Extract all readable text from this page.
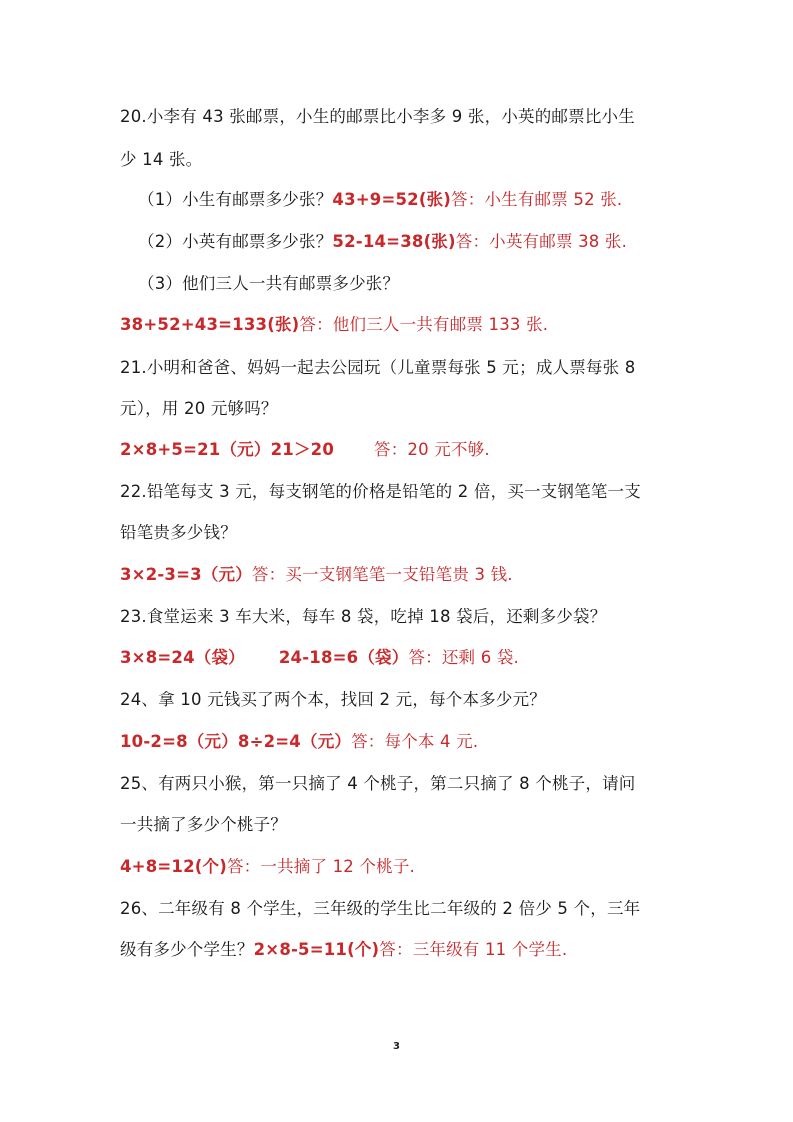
20.小李有 43 张邮票，小生的邮票比小李多 9 张，小英的邮票比小生
少 14 张。
（1）小生有邮票多少张？43+9=52(张)答：小生有邮票 52 张.
（2）小英有邮票多少张？52-14=38(张)答：小英有邮票 38 张.
（3）他们三人一共有邮票多少张？
38+52+43=133(张)答：他们三人一共有邮票 133 张.
21.小明和爸爸、妈妈一起去公园玩（儿童票每张 5 元；成人票每张 8
元），用 20 元够吗？
2×8+5=21（元）21＞20 答：20 元不够.
22.铅笔每支 3 元，每支钢笔的价格是铅笔的 2 倍，买一支钢笔笔一支
铅笔贵多少钱？
3×2-3=3（元）答：买一支钢笔笔一支铅笔贵 3 钱.
23.食堂运来 3 车大米，每车 8 袋，吃掉 18 袋后，还剩多少袋？
3×8=24（袋） 24-18=6（袋）答：还剩 6 袋.
24、拿 10 元钱买了两个本，找回 2 元，每个本多少元？
10-2=8（元）8÷2=4（元）答：每个本 4 元.
25、有两只小猴，第一只摘了 4 个桃子，第二只摘了 8 个桃子，请问
一共摘了多少个桃子？
4+8=12(个)答：一共摘了 12 个桃子.
26、二年级有 8 个学生，三年级的学生比二年级的 2 倍少 5 个，三年
级有多少个学生？2×8-5=11(个)答：三年级有 11 个学生.
3
